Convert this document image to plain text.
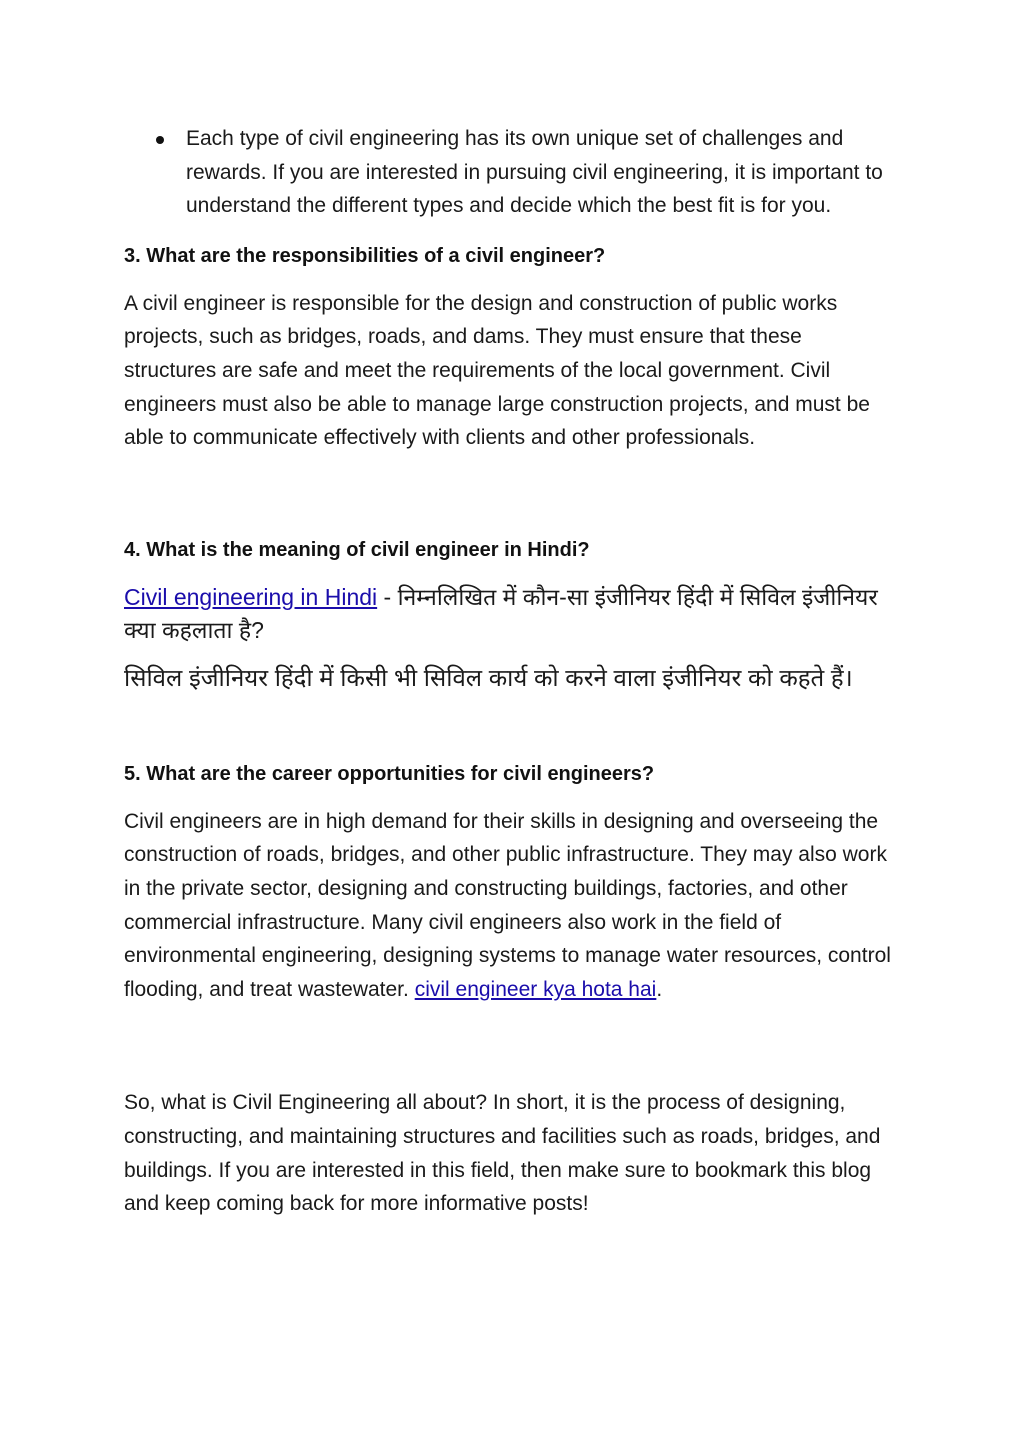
Each type of civil engineering has its own unique set of challenges and rewards. If you are interested in pursuing civil engineering, it is important to understand the different types and decide which the best fit is for you.
3. What are the responsibilities of a civil engineer?

A civil engineer is responsible for the design and construction of public works projects, such as bridges, roads, and dams. They must ensure that these structures are safe and meet the requirements of the local government. Civil engineers must also be able to manage large construction projects, and must be able to communicate effectively with clients and other professionals.

4. What is the meaning of civil engineer in Hindi?

Civil engineering in Hindi - निम्नलिखित में कौन-सा इंजीनियर हिंदी में सिविल इंजीनियर क्या कहलाता है?

सिविल इंजीनियर हिंदी में किसी भी सिविल कार्य को करने वाला इंजीनियर को कहते हैं।

5. What are the career opportunities for civil engineers?

Civil engineers are in high demand for their skills in designing and overseeing the construction of roads, bridges, and other public infrastructure. They may also work in the private sector, designing and constructing buildings, factories, and other commercial infrastructure. Many civil engineers also work in the field of environmental engineering, designing systems to manage water resources, control flooding, and treat wastewater. civil engineer kya hota hai.

So, what is Civil Engineering all about? In short, it is the process of designing, constructing, and maintaining structures and facilities such as roads, bridges, and buildings. If you are interested in this field, then make sure to bookmark this blog and keep coming back for more informative posts!
